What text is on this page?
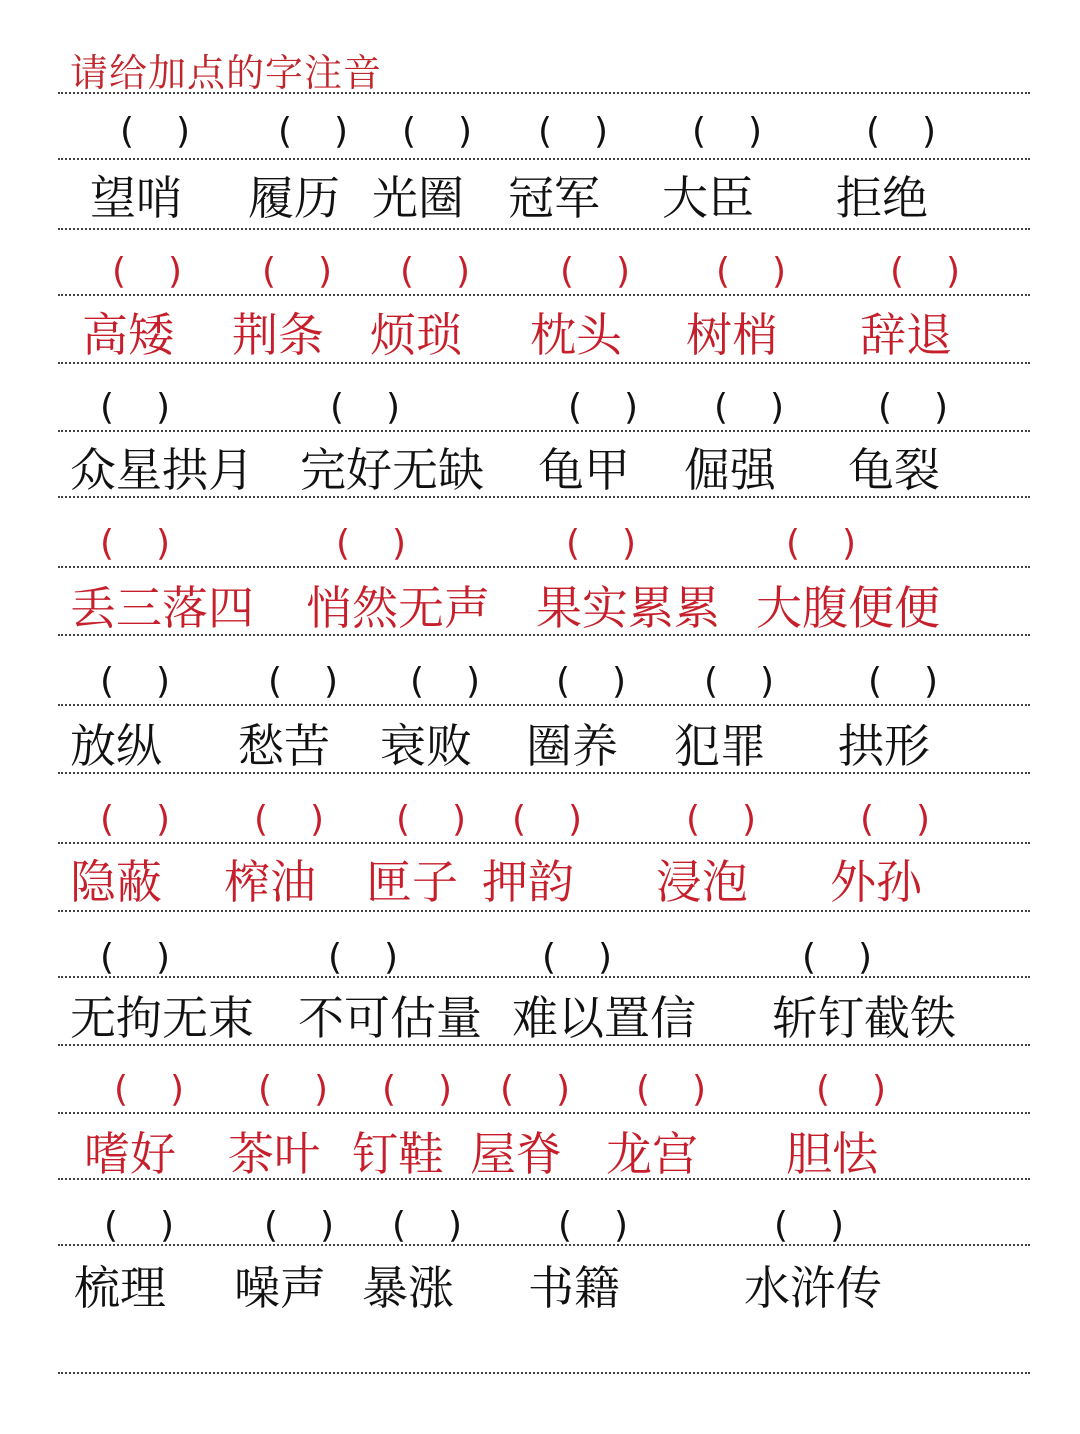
请给加点的字注音
( )
望哨
( )
履历
( )
光圈
( )
冠军
( )
大臣
( )
拒绝
( )
高矮
( )
荆条
( )
烦琐
( )
枕头
( )
树梢
( )
辞退
( )
众星拱月
( )
完好无缺
( )
龟甲
( )
倔强
( )
龟裂
( )
丢三落四
( )
悄然无声
( )
果实累累
( )
大腹便便
( )
放纵
( )
愁苦
( )
衰败
( )
圈养
( )
犯罪
( )
拱形
( )
隐蔽
( )
榨油
( )
匣子
( )
押韵
( )
浸泡
( )
外孙
( )
无拘无束
( )
不可估量
( )
难以置信
( )
斩钉截铁
( )
嗜好
( )
茶叶
( )
钉鞋
( )
屋脊
( )
龙宫
( )
胆怯
( )
梳理
( )
噪声
( )
暴涨
( )
书籍
( )
水浒传
